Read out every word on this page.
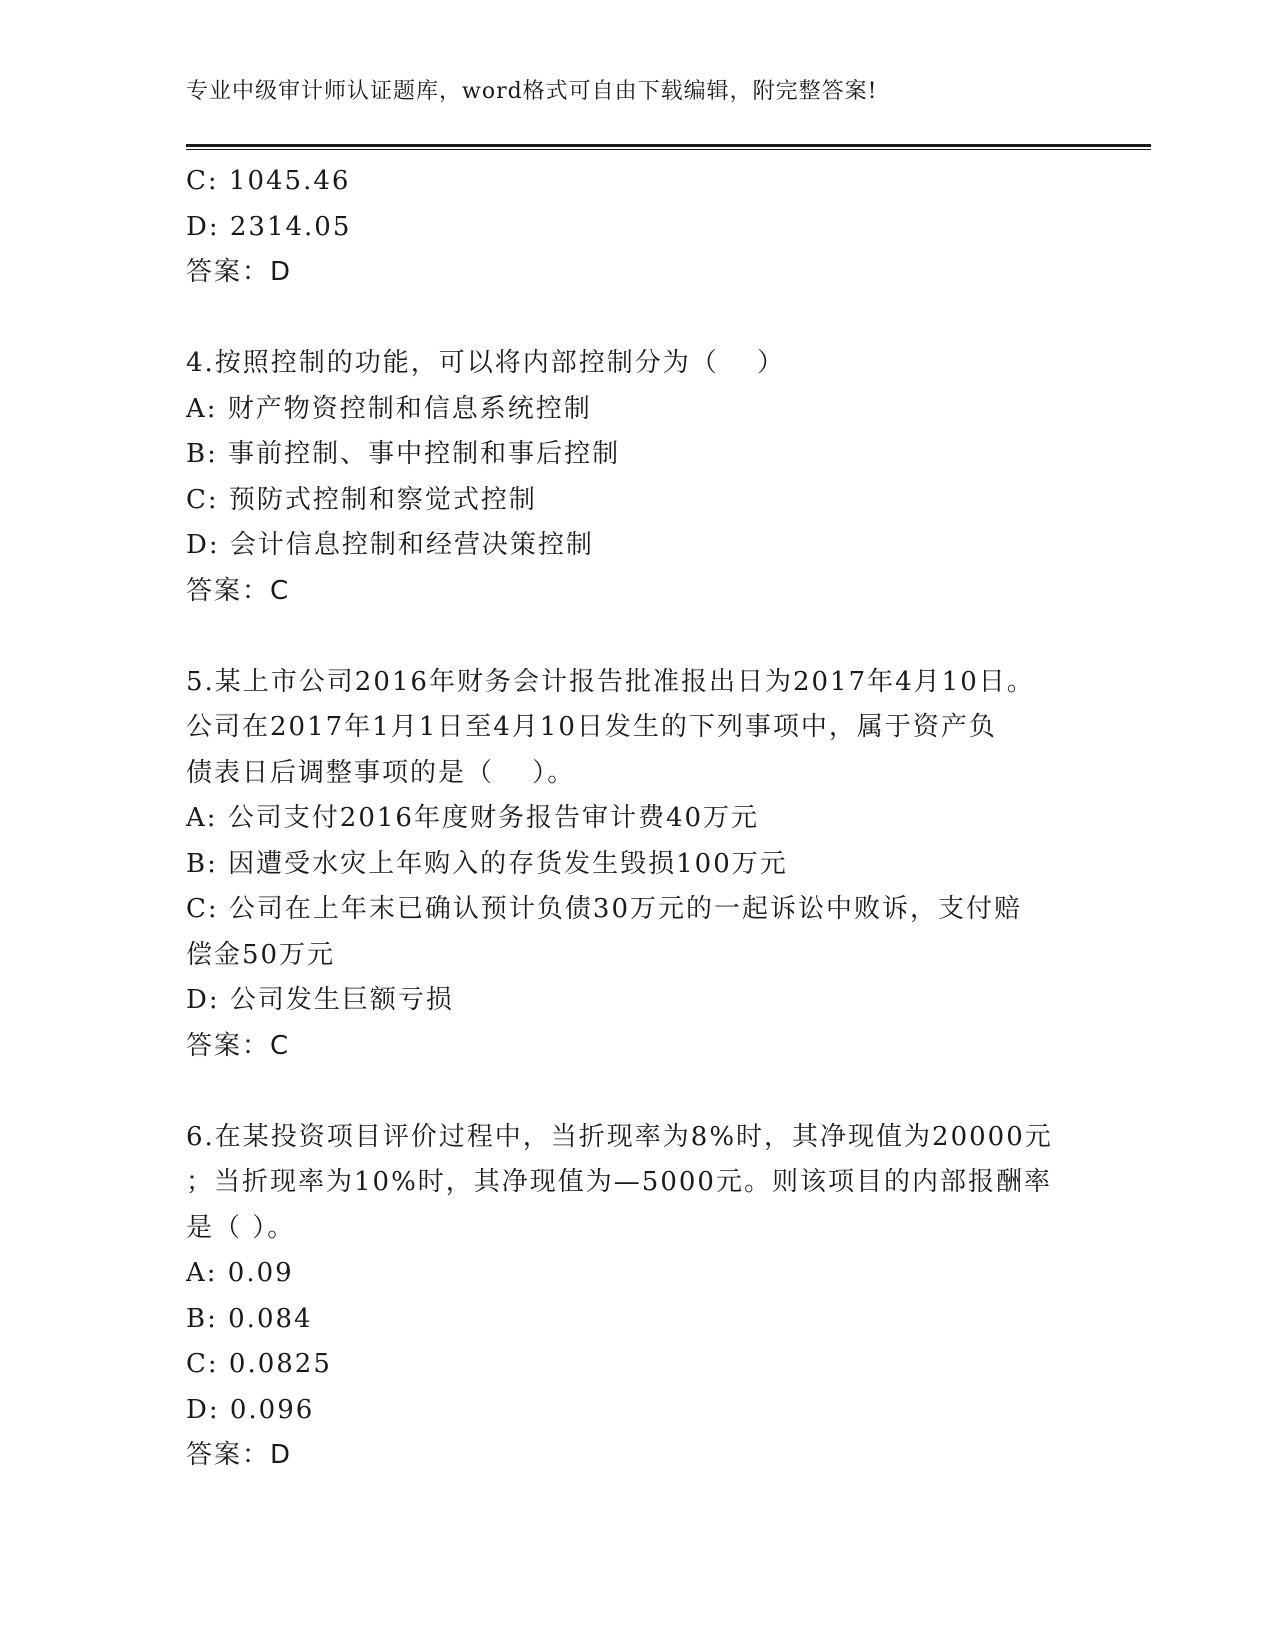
专业中级审计师认证题库，word格式可自由下载编辑，附完整答案!
C: 1045.46
D: 2314.05
答案：D
4.按照控制的功能，可以将内部控制分为（　 ）
A: 财产物资控制和信息系统控制
B: 事前控制、事中控制和事后控制
C: 预防式控制和察觉式控制
D: 会计信息控制和经营决策控制
答案：C
5.某上市公司2016年财务会计报告批准报出日为2017年4月10日。
公司在2017年1月1日至4月10日发生的下列事项中，属于资产负
债表日后调整事项的是（　 ）。
A: 公司支付2016年度财务报告审计费40万元
B: 因遭受水灾上年购入的存货发生毁损100万元
C: 公司在上年末已确认预计负债30万元的一起诉讼中败诉，支付赔
偿金50万元
D: 公司发生巨额亏损
答案：C
6.在某投资项目评价过程中，当折现率为8%时，其净现值为20000元
；当折现率为10%时，其净现值为—5000元。则该项目的内部报酬率
是（ ）。
A: 0.09
B: 0.084
C: 0.0825
D: 0.096
答案：D
